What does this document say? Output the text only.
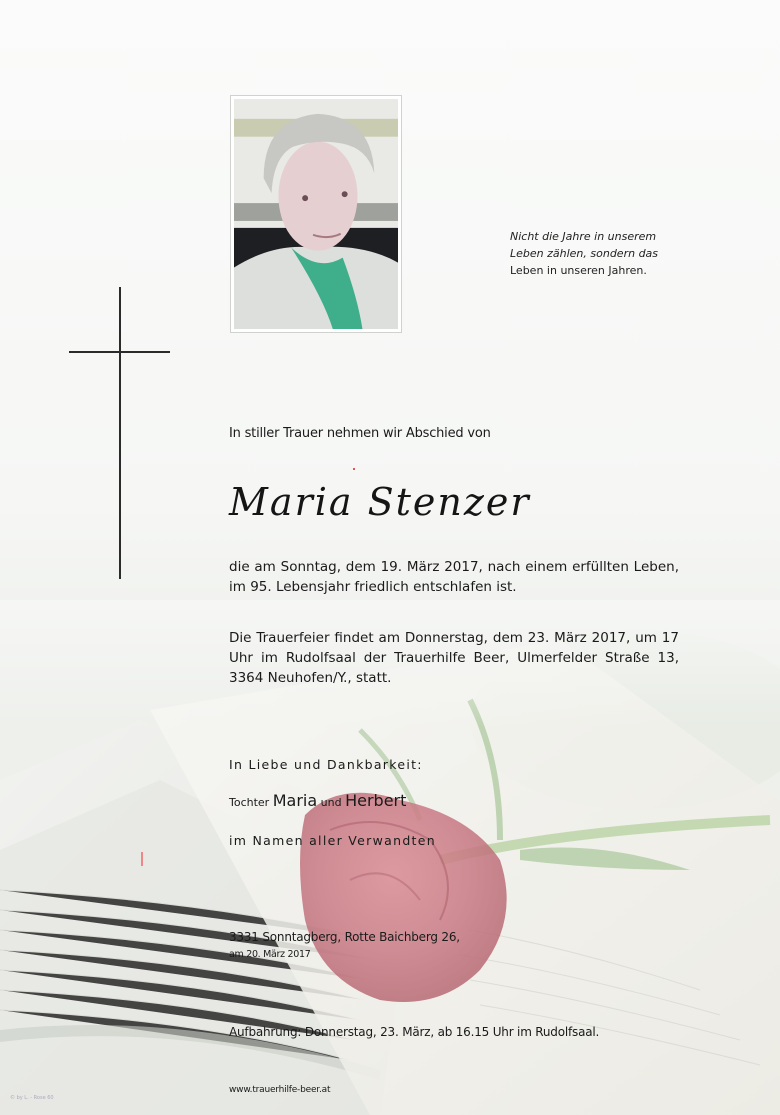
Nicht die Jahre in unserem
Leben zählen, sondern das
Leben in unseren Jahren.
In stiller Trauer nehmen wir Abschied von
Maria Stenzer
die am Sonntag, dem 19. März 2017, nach einem erfüllten Leben, im 95. Lebensjahr friedlich entschlafen ist.
Die Trauerfeier findet am Donnerstag, dem 23. März 2017, um 17 Uhr im Rudolfsaal der Trauerhilfe Beer, Ulmerfelder Straße 13, 3364 Neuhofen/Y., statt.
In Liebe und Dankbarkeit:
Tochter Maria und Herbert
im Namen aller Verwandten
3331 Sonntagberg, Rotte Baichberg 26,
am 20. März 2017
Aufbahrung: Donnerstag, 23. März, ab 16.15 Uhr im Rudolfsaal.
www.trauerhilfe-beer.at
© by L. - Rose 60
